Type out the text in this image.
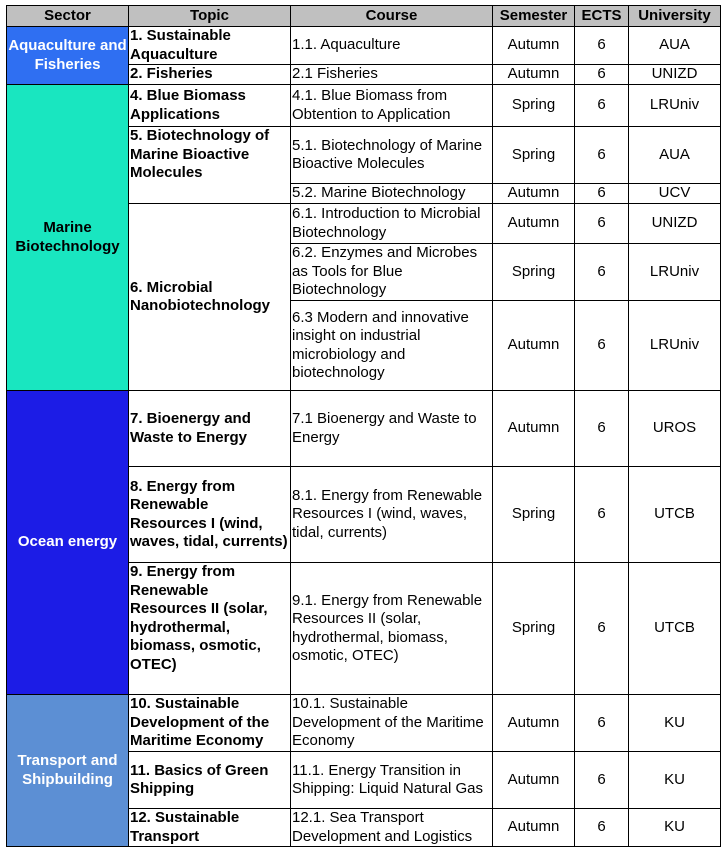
Sector	Topic	Course	Semester	ECTS	University
Aquaculture and Fisheries	1. Sustainable Aquaculture	1.1. Aquaculture	Autumn	6	AUA
	2. Fisheries	2.1 Fisheries	Autumn	6	UNIZD
Marine Biotechnology	4. Blue Biomass Applications	4.1. Blue Biomass from Obtention to Application	Spring	6	LRUniv
	5. Biotechnology of Marine Bioactive Molecules	5.1. Biotechnology of Marine Bioactive Molecules	Spring	6	AUA
		5.2. Marine Biotechnology	Autumn	6	UCV
	6. Microbial Nanobiotechnology	6.1. Introduction to Microbial Biotechnology	Autumn	6	UNIZD
		6.2. Enzymes and Microbes as Tools for Blue Biotechnology	Spring	6	LRUniv
		6.3 Modern and innovative insight on industrial microbiology and biotechnology	Autumn	6	LRUniv
Ocean energy	7. Bioenergy and Waste to Energy	7.1 Bioenergy and Waste to Energy	Autumn	6	UROS
	8. Energy from Renewable Resources I (wind, waves, tidal, currents)	8.1. Energy from Renewable Resources I (wind, waves, tidal, currents)	Spring	6	UTCB
	9. Energy from Renewable Resources II (solar, hydrothermal, biomass, osmotic, OTEC)	9.1. Energy from Renewable Resources II (solar, hydrothermal, biomass, osmotic, OTEC)	Spring	6	UTCB
Transport and Shipbuilding	10. Sustainable Development of the Maritime Economy	10.1. Sustainable Development of the Maritime Economy	Autumn	6	KU
	11. Basics of Green Shipping	11.1. Energy Transition in Shipping: Liquid Natural Gas	Autumn	6	KU
	12. Sustainable Transport	12.1. Sea Transport Development and Logistics	Autumn	6	KU
